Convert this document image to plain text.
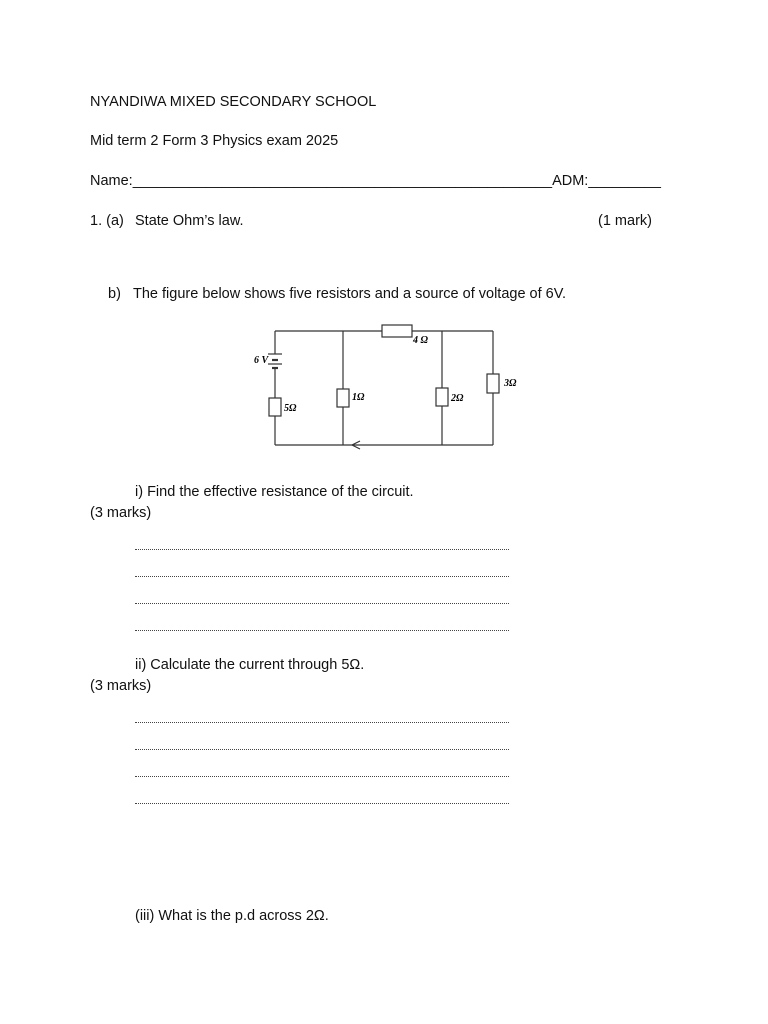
NYANDIWA MIXED SECONDARY SCHOOL
Mid term 2 Form 3 Physics exam 2025
Name:____________________________________________________ADM:_________
1. (a) State Ohm’s law.	(1 mark)
b) The figure below shows five resistors and a source of voltage of 6V.
6 V
4 Ω
5Ω
1Ω	2Ω
3Ω
i) Find the effective resistance of the circuit.
(3 marks)
ii) Calculate the current through 5Ω.
(3 marks)
(iii) What is the p.d across 2Ω.
